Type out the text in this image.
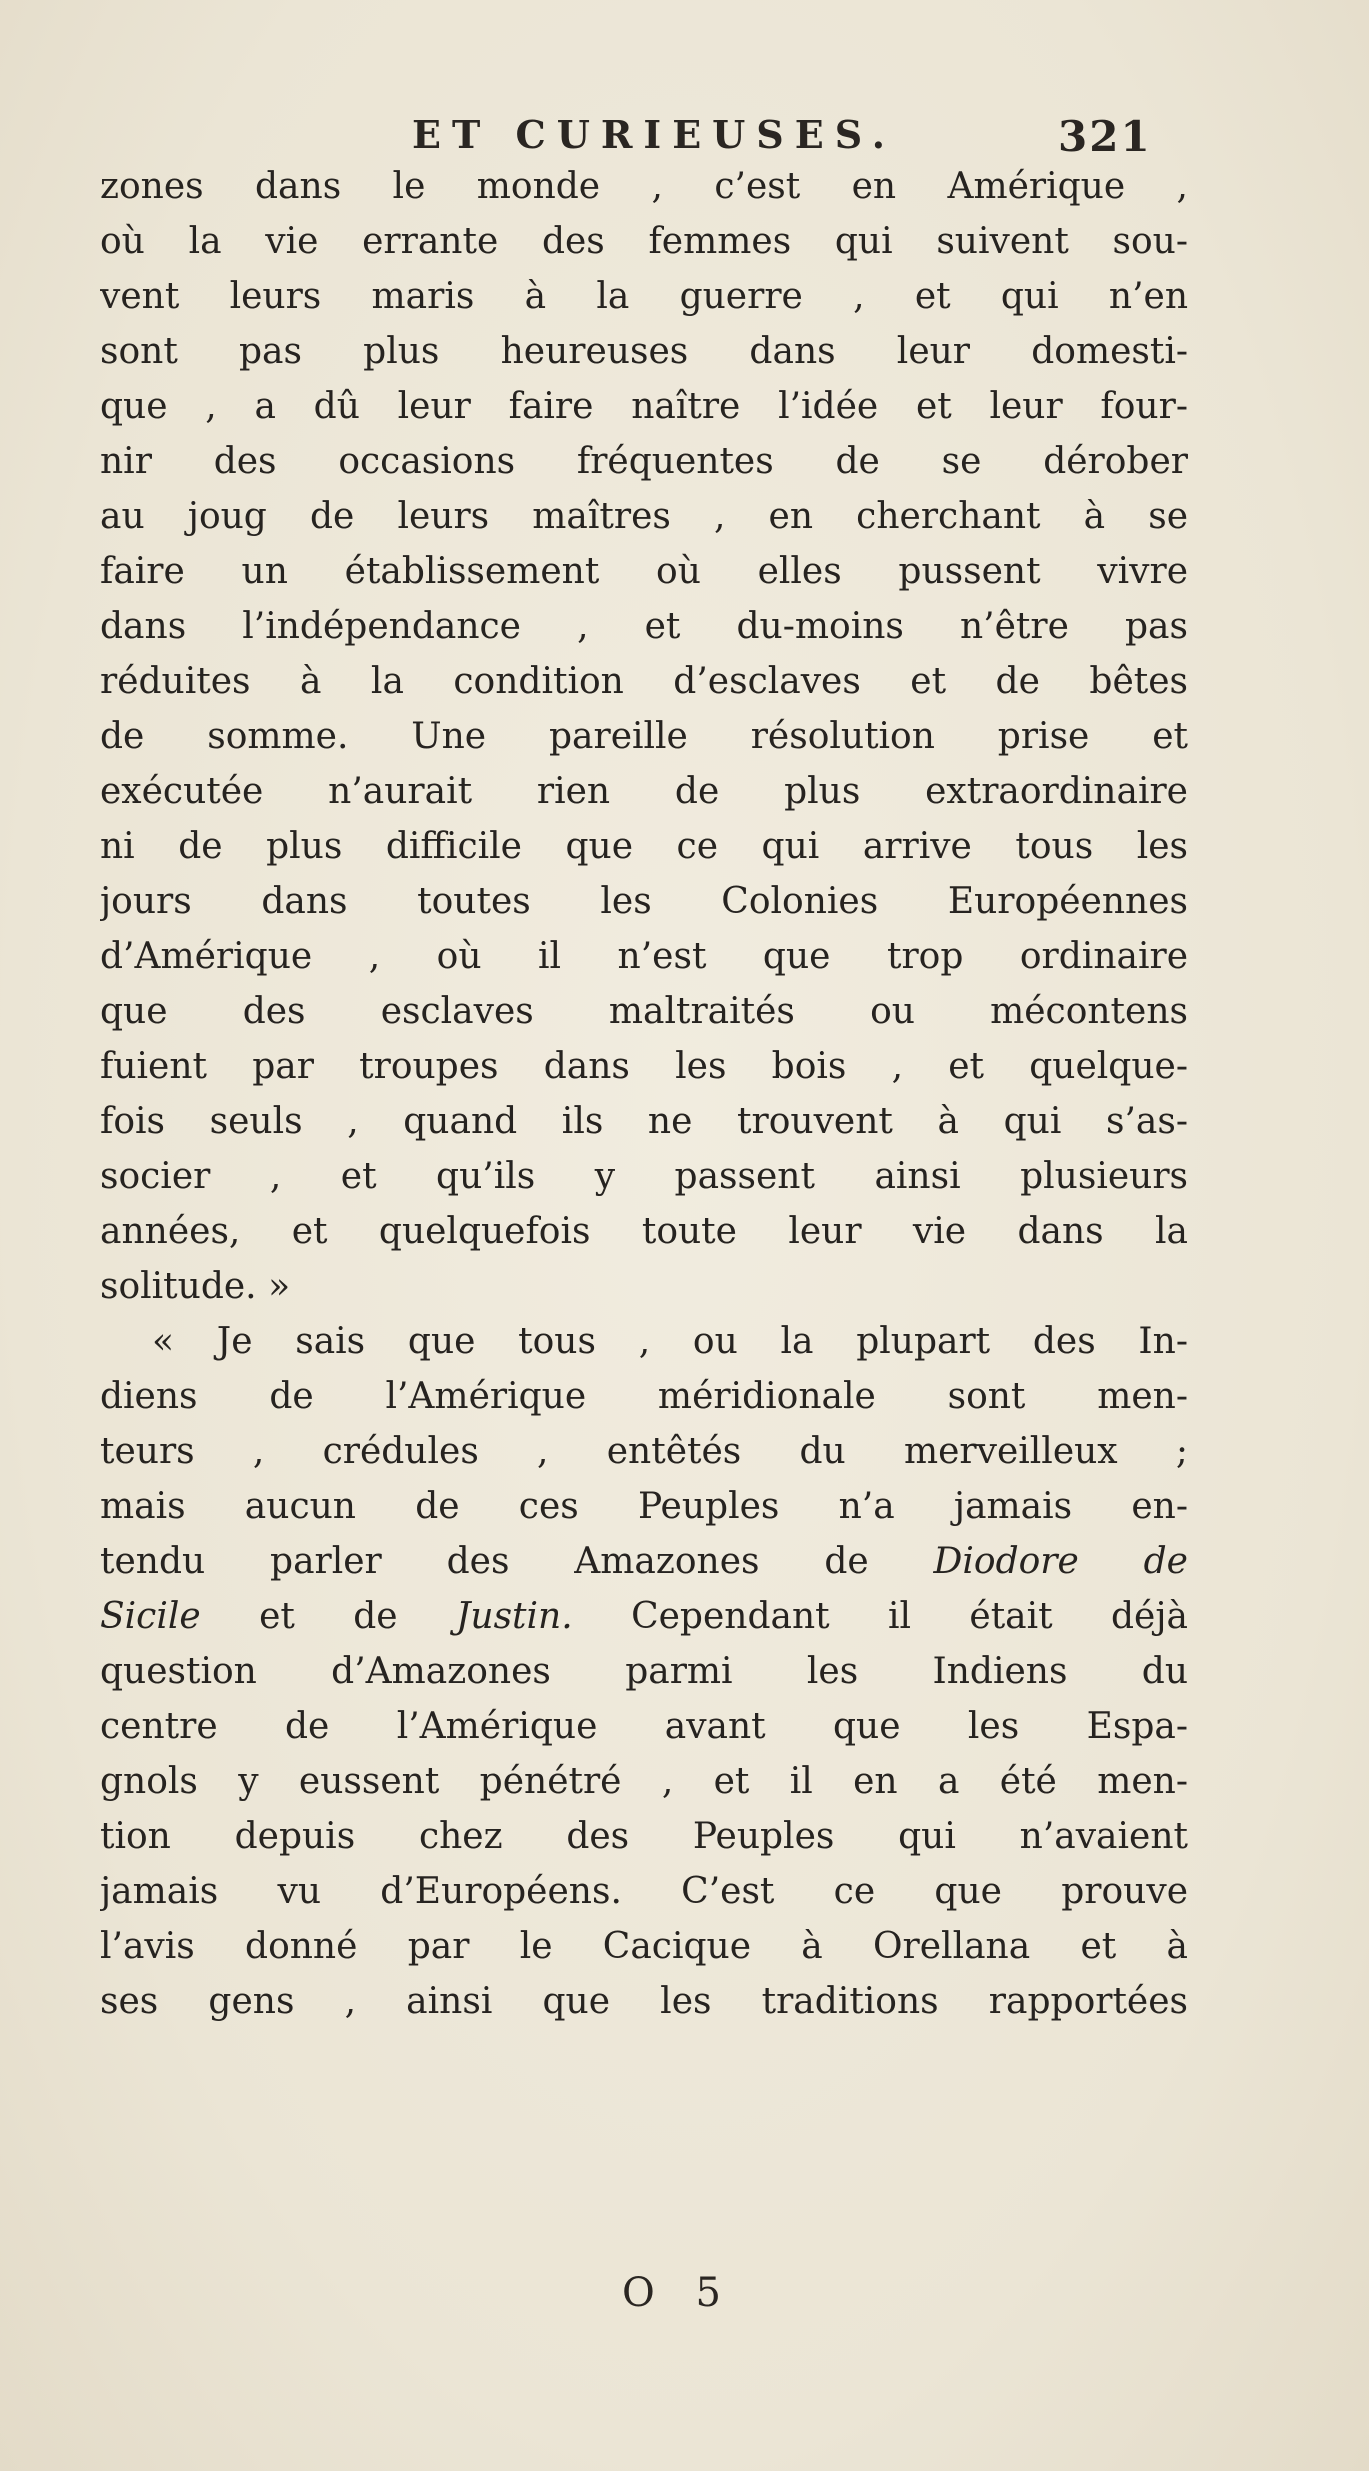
ET CURIEUSES.	321
zones dans le monde , c’est en Amérique ,
où la vie errante des femmes qui suivent sou-
vent leurs maris à la guerre , et qui n’en
sont pas plus heureuses dans leur domesti-
que , a dû leur faire naître l’idée et leur four-
nir des occasions fréquentes de se dérober
au joug de leurs maîtres , en cherchant à se
faire un établissement où elles pussent vivre
dans l’indépendance , et du-moins n’être pas
réduites à la condition d’esclaves et de bêtes
de somme. Une pareille résolution prise et
exécutée n’aurait rien de plus extraordinaire
ni de plus difficile que ce qui arrive tous les
jours dans toutes les Colonies Européennes
d’Amérique , où il n’est que trop ordinaire
que des esclaves maltraités ou mécontens
fuient par troupes dans les bois , et quelque-
fois seuls , quand ils ne trouvent à qui s’as-
socier , et qu’ils y passent ainsi plusieurs
années, et quelquefois toute leur vie dans la
solitude. »
« Je sais que tous , ou la plupart des In-
diens de l’Amérique méridionale sont men-
teurs , crédules , entêtés du merveilleux ;
mais aucun de ces Peuples n’a jamais en-
tendu parler des Amazones de Diodore de
Sicile et de Justin. Cependant il était déjà
question d’Amazones parmi les Indiens du
centre de l’Amérique avant que les Espa-
gnols y eussent pénétré , et il en a été men-
tion depuis chez des Peuples qui n’avaient
jamais vu d’Européens. C’est ce que prouve
l’avis donné par le Cacique à Orellana et à
ses gens , ainsi que les traditions rapportées
O 5
